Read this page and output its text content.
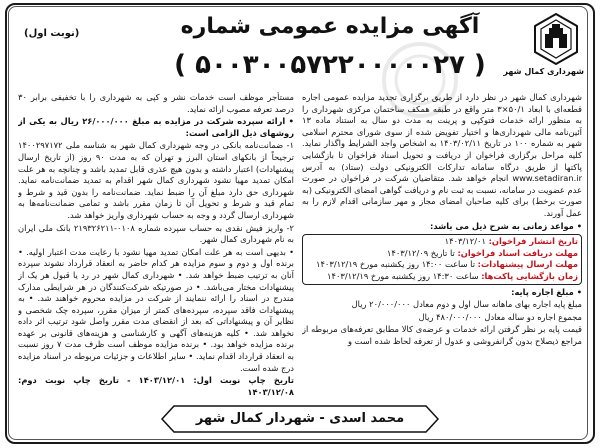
شهرداری کمال شهر
آگهی مزایده عمومی شماره
( ۵۰۰۳۰۰۵۷۲۲۰۰۰۰۰۲۷ )
(نوبت اول)

شهرداری کمال شهر در نظر دارد از طریق برگزاری تجدید مزایده عمومی اجاره قطعه‌ای با ابعاد ۵۰/۱×۳ متر واقع در طبقه همکف ساختمان مرکزی شهرداری را به منظور ارائه خدمات فتوکپی و پرینت به مدت دو سال به استناد ماده ۱۳ آئین‌نامه مالی شهرداری‌ها و اختیار تفویض شده از سوی شورای محترم اسلامی شهر به شماره ۱۰۰ در تاریخ ۱۴۰۳/۰۲/۱۱ به اشخاص واجد الشرایط واگذار نماید. کلیه مراحل برگزاری فراخوان از دریافت و تحویل اسناد فراخوان تا بازگشایی پاکتها از طریق درگاه سامانه تدارکات الکترونیکی دولت (ستاد) به آدرس www.setadiran.ir انجام خواهد شد. متقاضیان شرکت در فراخوان در صورت عدم عضویت در سامانه، نسبت به ثبت نام و دریافت گواهی امضای الکترونیکی (به صورت برخط) برای کلیه صاحبان امضای مجاز و مهر سازمانی اقدام لازم را به عمل آورند.

• مواعد زمانی به شرح ذیل می باشد:

تاریخ انتشار فراخوان: ۱۴۰۳/۱۲/۰۱
مهلت دریافت اسناد فراخوان: تا تاریخ ۱۴۰۳/۱۲/۰۹
مهلت ارسال پیشنهادات: تا ساعت ۱۴:۰۰ روز یکشنبه مورخ ۱۴۰۳/۱۲/۱۹
زمان بازگشایی پاکت‌ها: ساعت ۱۴:۳۰ روز یکشنبه مورخ ۱۴۰۳/۱۲/۱۹

• مبلغ اجاره پایه:

مبلغ پایه اجاره بهای ماهانه سال اول و دوم معادل ۲۰/۰۰۰/۰۰۰ ریال

مجموع اجاره دو ساله معادل ۴۸۰/۰۰۰/۰۰۰ ریال

قیمت پایه بر نظر گرفتن ارائه خدمات و عرضه‌ی کالا مطابق تعرفه‌های مربوطه از مراجع ذیصلاح بدون گرانفروشی و عدول از تعرفه لحاظ شده است و

مستأجر موظف است خدمات نشر و کپی به شهرداری را با تخفیفی برابر ۳۰ درصد تعرفه مصوب ارائه نماید.

• ارائه سپرده شرکت در مزایده به مبلغ ۲۶/۰۰۰/۰۰۰ ریال به یکی از روشهای ذیل الزامی است:

۱- ضمانت‌نامه بانکی در وجه شهرداری کمال شهر به شناسه ملی ۱۴۰۰۲۹۷۱۷۲ ترجیحاً از بانکهای استان البرز و تهران که به مدت ۹۰ روز (از تاریخ ارسال پیشنهادات) اعتبار داشته و بدون هیچ عذری قابل تمدید باشد و چنانچه به هر علت امکان تمدید مهیا نشود شهرداری کمال شهر اقدام به تمدید ضمانت‌نامه نماید. شهرداری حق دارد مبلغ آن را ضبط نماید. ضمانت‌نامه را بدون قید و شرط و تمام قید و شرط و تحویل آن تا زمان مقرر باشد و تمامی ضمانت‌نامه‌ها به شهرداری ارسال گردد و وجه به حساب شهرداری واریز خواهد شد.

۲- واریز فیش نقدی به حساب سپرده شماره ۰۱۰۸-۲۱۹۳۲۶۲۱۱ بانک ملی ایران به نام شهرداری کمال شهر.

• بدیهی است به هر علت امکان تمدید مهیا نشود با رعایت مدت اعتبار اولیه. • برنده اول و دوم و سوم مزایده هر کدام حاضر به انعقاد قرارداد نشوند سپرده آنان به ترتیب ضبط خواهد شد. • شهرداری کمال شهر در رد یا قبول هر یک از پیشنهادات مختار می‌باشد. • در صورتیکه شرکت‌کنندگان در هر شرایطی مدارک مندرج در اسناد را ارائه ننمایند از شرکت در مزایده محروم خواهند شد. • به پیشنهادات فاقد سپرده، سپرده‌های کمتر از میزان مقرر، سپرده چک شخصی و نظایر آن و پیشنهاداتی که بعد از انقضای مدت مقرر واصل شود ترتیب اثر داده نخواهد شد. • کلیه هزینه‌های آگهی و کارشناسی و هزینه‌های قانونی بر عهده برنده مزایده خواهد بود. • برنده مزایده موظف است ظرف مدت ۷ روز نسبت به انعقاد قرارداد اقدام نماید. • سایر اطلاعات و جزئیات مربوطه در اسناد مزایده درج شده است.

تاریخ چاپ نوبت اول: ۱۴۰۳/۱۲/۰۱ - تاریخ چاپ نوبت دوم: ۱۴۰۳/۱۲/۰۸

محمد اسدی - شهردار کمال شهر
